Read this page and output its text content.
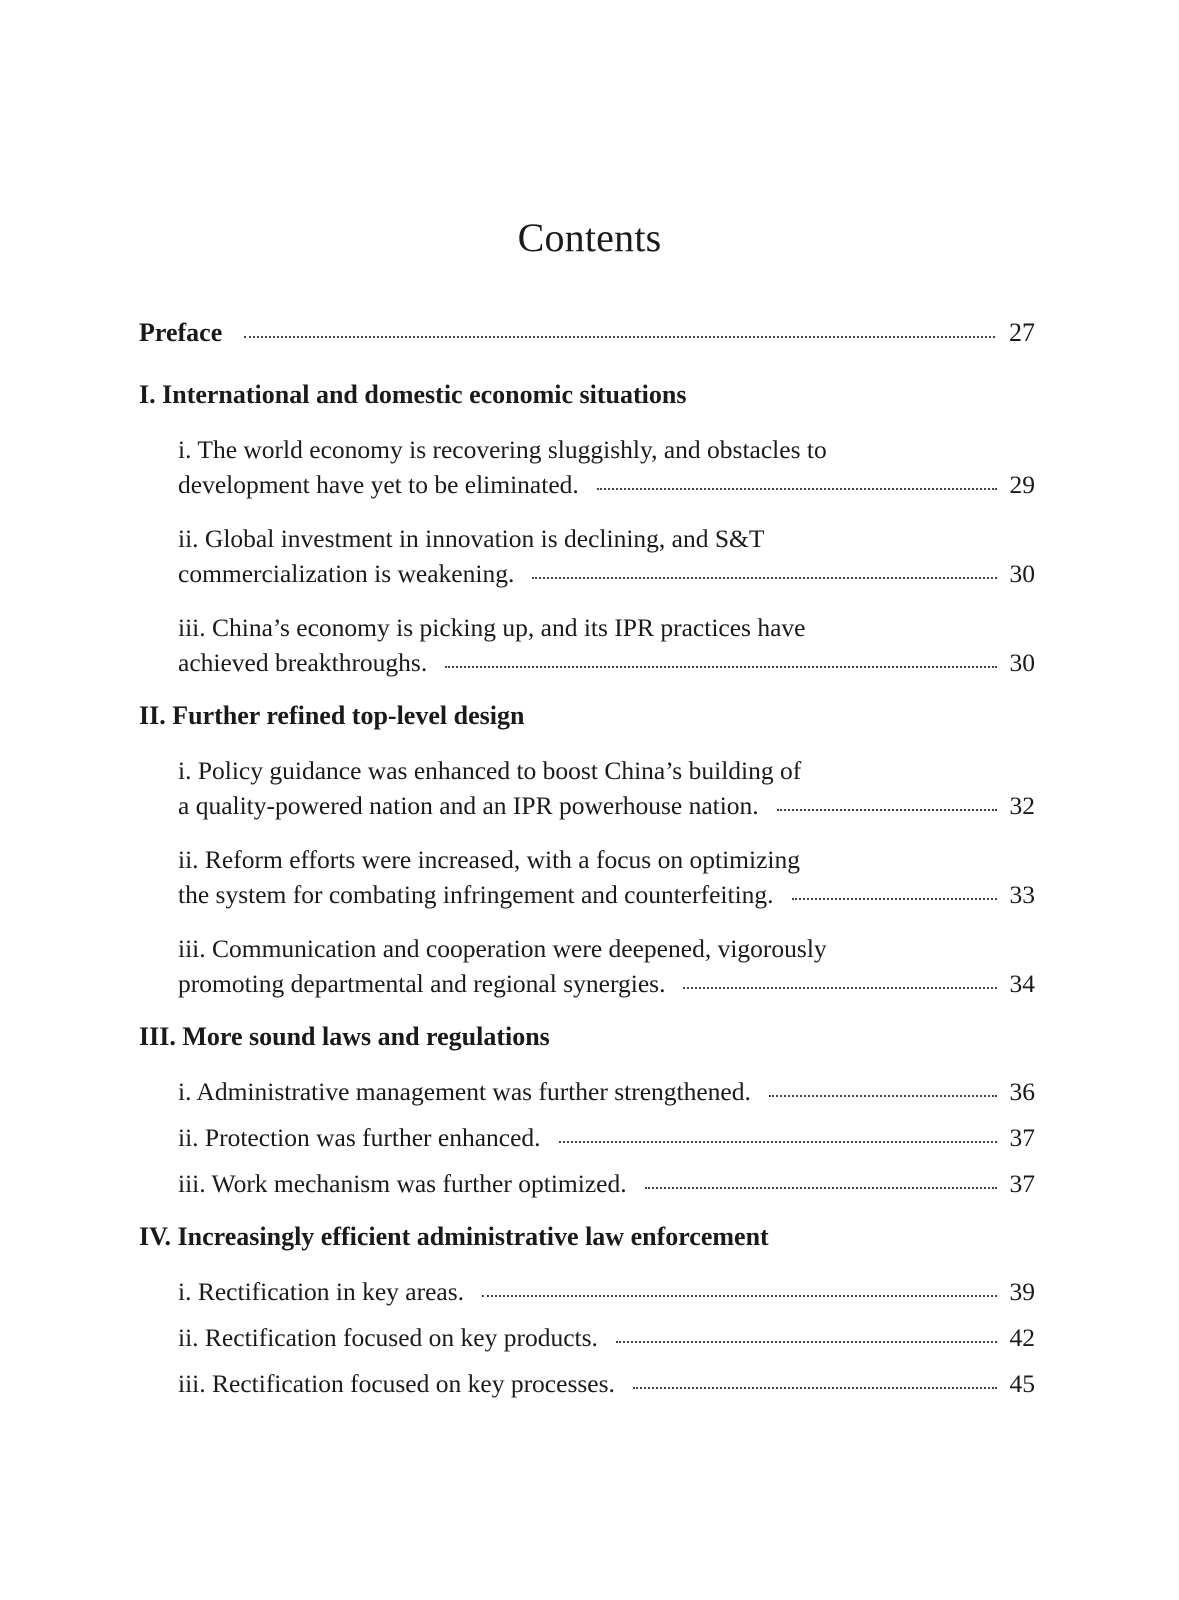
Contents
Preface	27
I. International and domestic economic situations
i. The world economy is recovering sluggishly, and obstacles to
development have yet to be eliminated.	29
ii. Global investment in innovation is declining, and S&T
commercialization is weakening.	30
iii. China’s economy is picking up, and its IPR practices have
achieved breakthroughs.	30
II. Further refined top-level design
i. Policy guidance was enhanced to boost China’s building of
a quality-powered nation and an IPR powerhouse nation.	32
ii. Reform efforts were increased, with a focus on optimizing
the system for combating infringement and counterfeiting.	33
iii. Communication and cooperation were deepened, vigorously
promoting departmental and regional synergies.	34
III. More sound laws and regulations
i. Administrative management was further strengthened.	36
ii. Protection was further enhanced.	37
iii. Work mechanism was further optimized.	37
IV. Increasingly efficient administrative law enforcement
i. Rectification in key areas.	39
ii. Rectification focused on key products.	42
iii. Rectification focused on key processes.	45
